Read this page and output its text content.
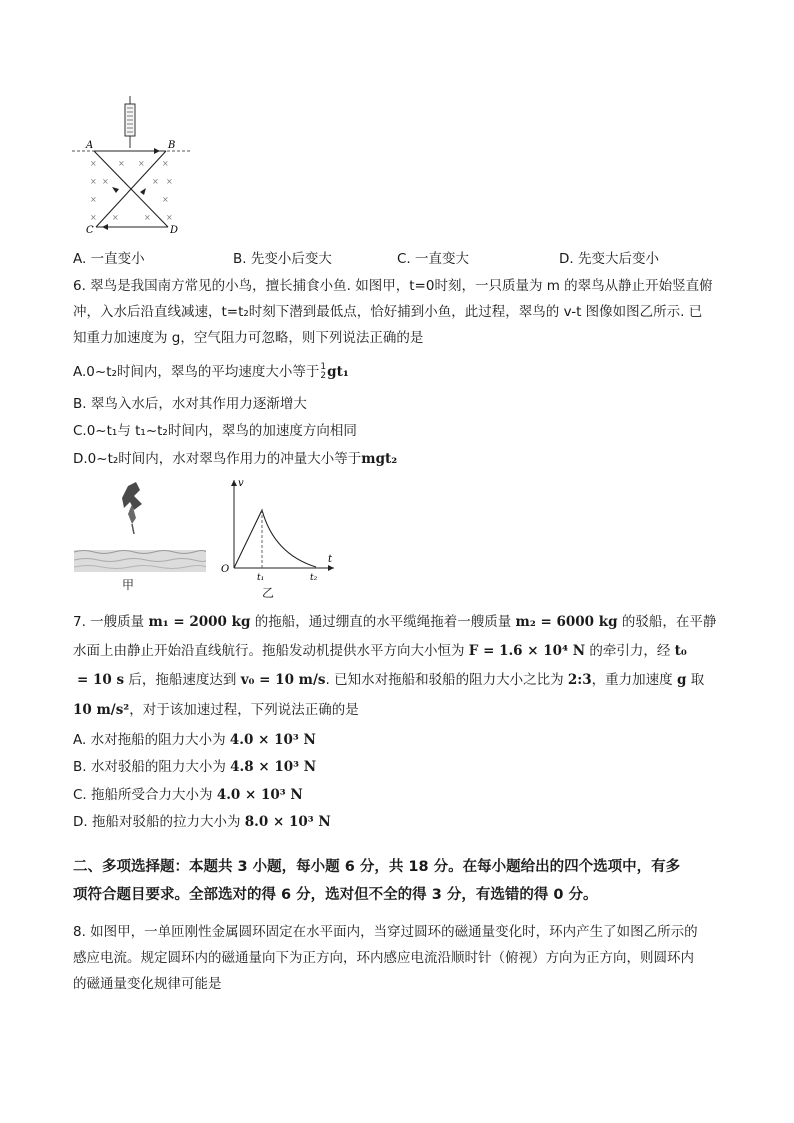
×	× × ×
× ×	× ×
×	×
× ×	× ×
A	B
C	D
A. 一直变小	B. 先变小后变大	C. 一直变大	D. 先变大后变小
6. 翠鸟是我国南方常见的小鸟，擅长捕食小鱼. 如图甲，t=0时刻，一只质量为 m 的翠鸟从静止开始竖直俯
冲，入水后沿直线减速，t=t₂时刻下潜到最低点，恰好捕到小鱼，此过程，翠鸟的 v-t 图像如图乙所示. 已
知重力加速度为 g，空气阻力可忽略，则下列说法正确的是
A.0~t₂时间内，翠鸟的平均速度大小等于 1
2 gt₁
B. 翠鸟入水后，水对其作用力逐渐增大
C.0~t₁与 t₁~t₂时间内，翠鸟的加速度方向相同
D.0~t₂时间内，水对翠鸟作用力的冲量大小等于mgt₂
甲
v
t
O
t₁	t₂
乙
7. 一艘质量 m₁ = 2000 kg 的拖船，通过绷直的水平缆绳拖着一艘质量 m₂ = 6000 kg 的驳船，在平静
水面上由静止开始沿直线航行。拖船发动机提供水平方向大小恒为 F = 1.6 × 10⁴ N 的牵引力，经 t₀
= 10 s 后，拖船速度达到 v₀ = 10 m/s. 已知水对拖船和驳船的阻力大小之比为 2:3，重力加速度 g 取
10 m/s²，对于该加速过程，下列说法正确的是
A. 水对拖船的阻力大小为 4.0 × 10³ N
B. 水对驳船的阻力大小为 4.8 × 10³ N
C. 拖船所受合力大小为 4.0 × 10³ N
D. 拖船对驳船的拉力大小为 8.0 × 10³ N
二、多项选择题：本题共 3 小题，每小题 6 分，共 18 分。在每小题给出的四个选项中，有多
项符合题目要求。全部选对的得 6 分，选对但不全的得 3 分，有选错的得 0 分。
8. 如图甲，一单匝刚性金属圆环固定在水平面内，当穿过圆环的磁通量变化时，环内产生了如图乙所示的
感应电流。规定圆环内的磁通量向下为正方向，环内感应电流沿顺时针（俯视）方向为正方向，则圆环内
的磁通量变化规律可能是
